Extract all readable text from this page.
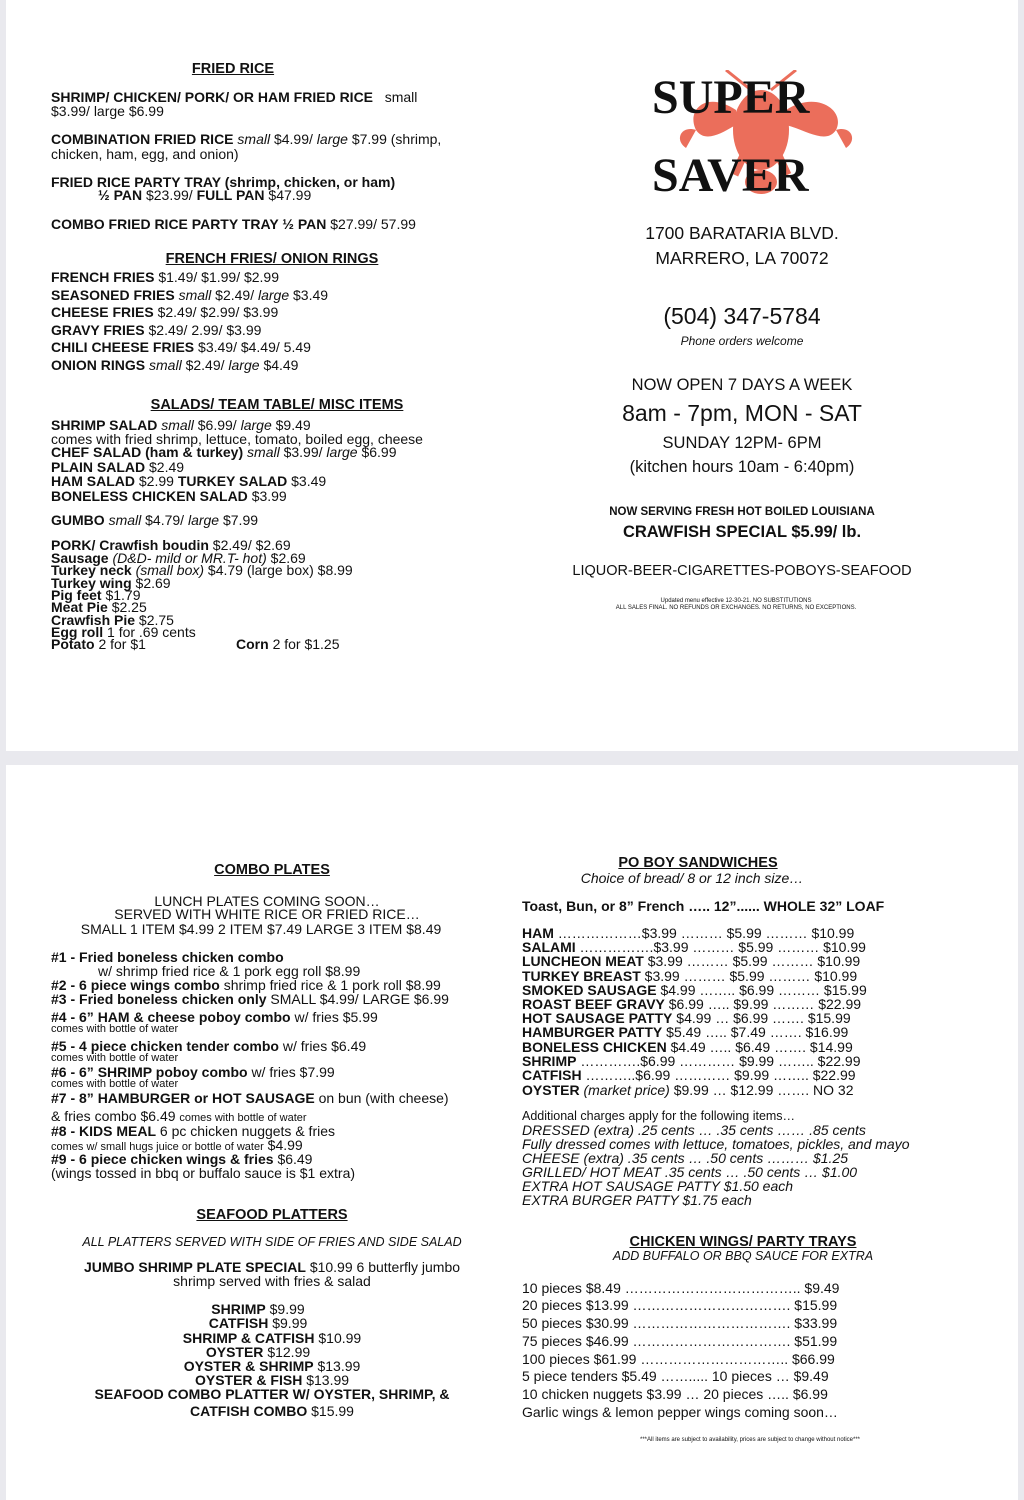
FRIED RICE
SHRIMP/ CHICKEN/ PORK/ OR HAM FRIED RICE small
$3.99/ large $6.99
COMBINATION FRIED RICE small $4.99/ large $7.99 (shrimp,
chicken, ham, egg, and onion)
FRIED RICE PARTY TRAY (shrimp, chicken, or ham)
½ PAN $23.99/ FULL PAN $47.99
COMBO FRIED RICE PARTY TRAY ½ PAN $27.99/ 57.99
FRENCH FRIES/ ONION RINGS
FRENCH FRIES $1.49/ $1.99/ $2.99
SEASONED FRIES small $2.49/ large $3.49
CHEESE FRIES $2.49/ $2.99/ $3.99
GRAVY FRIES $2.49/ 2.99/ $3.99
CHILI CHEESE FRIES $3.49/ $4.49/ 5.49
ONION RINGS small $2.49/ large $4.49
SALADS/ TEAM TABLE/ MISC ITEMS
SHRIMP SALAD small $6.99/ large $9.49
comes with fried shrimp, lettuce, tomato, boiled egg, cheese
CHEF SALAD (ham & turkey) small $3.99/ large $6.99
PLAIN SALAD $2.49
HAM SALAD $2.99 TURKEY SALAD $3.49
BONELESS CHICKEN SALAD $3.99
GUMBO small $4.79/ large $7.99
PORK/ Crawfish boudin $2.49/ $2.69
Sausage (D&D- mild or MR.T- hot) $2.69
Turkey neck (small box) $4.79 (large box) $8.99
Turkey wing $2.69
Pig feet $1.79
Meat Pie $2.25
Crawfish Pie $2.75
Egg roll 1 for .69 cents
Potato 2 for $1	Corn 2 for $1.25
SUPER
SAVER
1700 BARATARIA BLVD.
MARRERO, LA 70072
(504) 347-5784
Phone orders welcome
NOW OPEN 7 DAYS A WEEK
8am - 7pm, MON - SAT
SUNDAY 12PM- 6PM
(kitchen hours 10am - 6:40pm)
NOW SERVING FRESH HOT BOILED LOUISIANA
CRAWFISH SPECIAL $5.99/ lb.
LIQUOR-BEER-CIGARETTES-POBOYS-SEAFOOD
Updated menu effective 12-30-21. NO SUBSTITUTIONS
ALL SALES FINAL. NO REFUNDS OR EXCHANGES. NO RETURNS, NO EXCEPTIONS.
COMBO PLATES
LUNCH PLATES COMING SOON…
SERVED WITH WHITE RICE OR FRIED RICE…
SMALL 1 ITEM $4.99 2 ITEM $7.49 LARGE 3 ITEM $8.49
#1 - Fried boneless chicken combo
w/ shrimp fried rice & 1 pork egg roll $8.99
#2 - 6 piece wings combo shrimp fried rice & 1 pork roll $8.99
#3 - Fried boneless chicken only SMALL $4.99/ LARGE $6.99
#4 - 6” HAM & cheese poboy combo w/ fries $5.99
comes with bottle of water
#5 - 4 piece chicken tender combo w/ fries $6.49
comes with bottle of water
#6 - 6” SHRIMP poboy combo w/ fries $7.99
comes with bottle of water
#7 - 8” HAMBURGER or HOT SAUSAGE on bun (with cheese)
& fries combo $6.49 comes with bottle of water
#8 - KIDS MEAL 6 pc chicken nuggets & fries
comes w/ small hugs juice or bottle of water $4.99
#9 - 6 piece chicken wings & fries $6.49
(wings tossed in bbq or buffalo sauce is $1 extra)
SEAFOOD PLATTERS
ALL PLATTERS SERVED WITH SIDE OF FRIES AND SIDE SALAD
JUMBO SHRIMP PLATE SPECIAL $10.99 6 butterfly jumbo
shrimp served with fries & salad
SHRIMP $9.99
CATFISH $9.99
SHRIMP & CATFISH $10.99
OYSTER $12.99
OYSTER & SHRIMP $13.99
OYSTER & FISH $13.99
SEAFOOD COMBO PLATTER W/ OYSTER, SHRIMP, &
CATFISH COMBO $15.99
PO BOY SANDWICHES
Choice of bread/ 8 or 12 inch size…
Toast, Bun, or 8” French ….. 12”...... WHOLE 32” LOAF
HAM ………………$3.99 ……… $5.99 ……… $10.99
SALAMI …………….$3.99 ……… $5.99 ……… $10.99
LUNCHEON MEAT $3.99 ……… $5.99 ……… $10.99
TURKEY BREAST $3.99 ……… $5.99 ……… $10.99
SMOKED SAUSAGE $4.99 …….. $6.99 ……… $15.99
ROAST BEEF GRAVY $6.99 ….. $9.99 ……… $22.99
HOT SAUSAGE PATTY $4.99 … $6.99 ……. $15.99
HAMBURGER PATTY $5.49 ….. $7.49 ……. $16.99
BONELESS CHICKEN $4.49 ….. $6.49 ……. $14.99
SHRIMP ………….$6.99 ………… $9.99 …….. $22.99
CATFISH ………..$6.99 ………… $9.99 …….. $22.99
OYSTER (market price) $9.99 … $12.99 ……. NO 32
Additional charges apply for the following items…
DRESSED (extra) .25 cents … .35 cents …… .85 cents
Fully dressed comes with lettuce, tomatoes, pickles, and mayo
CHEESE (extra) .35 cents … .50 cents ……… $1.25
GRILLED/ HOT MEAT .35 cents … .50 cents … $1.00
EXTRA HOT SAUSAGE PATTY $1.50 each
EXTRA BURGER PATTY $1.75 each
CHICKEN WINGS/ PARTY TRAYS
ADD BUFFALO OR BBQ SAUCE FOR EXTRA
10 pieces $8.49 ……………………………….. $9.49
20 pieces $13.99 ……………………………. $15.99
50 pieces $30.99 ……………………………. $33.99
75 pieces $46.99 ……………………………. $51.99
100 pieces $61.99 ………………………….. $66.99
5 piece tenders $5.49 ……..... 10 pieces … $9.49
10 chicken nuggets $3.99 … 20 pieces ….. $6.99
Garlic wings & lemon pepper wings coming soon…
***All items are subject to availability, prices are subject to change without notice***
